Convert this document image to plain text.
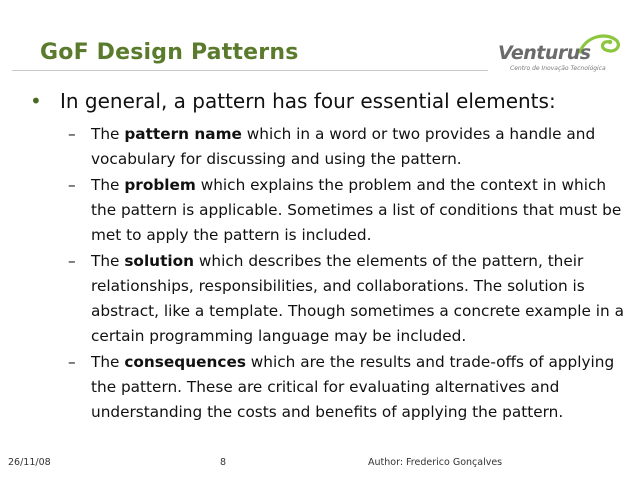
GoF Design Patterns	Venturus
Centro de Inovação Tecnológica
• In general, a pattern has four essential elements:
– The pattern name which in a word or two provides a handle and vocabulary for discussing and using the pattern.
– The problem which explains the problem and the context in which the pattern is applicable. Sometimes a list of conditions that must be met to apply the pattern is included.
– The solution which describes the elements of the pattern, their relationships, responsibilities, and collaborations. The solution is abstract, like a template. Though sometimes a concrete example in a certain programming language may be included.
– The consequences which are the results and trade-offs of applying the pattern. These are critical for evaluating alternatives and understanding the costs and benefits of applying the pattern.
26/11/08	8	Author: Frederico Gonçalves
